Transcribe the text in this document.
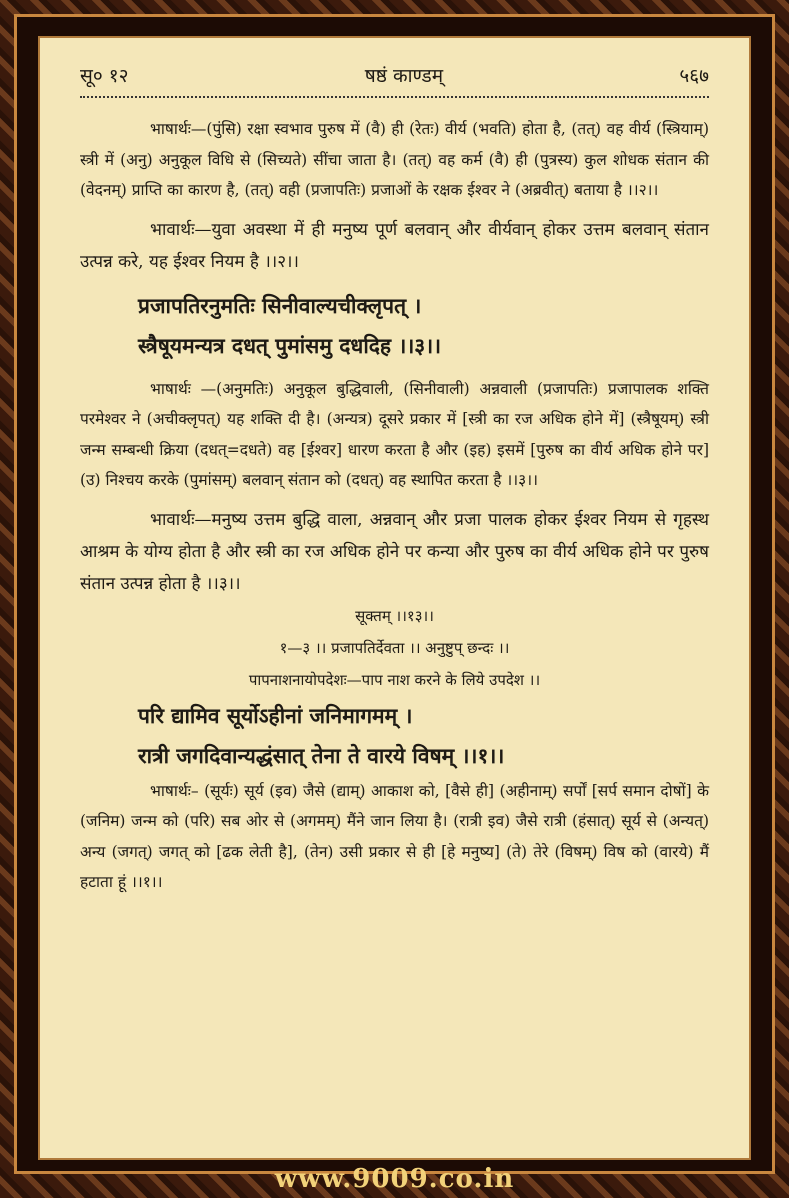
सू० १२	षष्ठं काण्डम्	५६७

भाषार्थः—(पुंसि) रक्षा स्वभाव पुरुष में (वै) ही (रेतः) वीर्य (भवति) होता है, (तत्) वह वीर्य (स्त्रियाम्) स्त्री में (अनु) अनुकूल विधि से (सिच्यते) सींचा जाता है। (तत्) वह कर्म (वै) ही (पुत्रस्य) कुल शोधक संतान की (वेदनम्) प्राप्ति का कारण है, (तत्) वही (प्रजापतिः) प्रजाओं के रक्षक ईश्वर ने (अब्रवीत्) बताया है ।।२।।

भावार्थः—युवा अवस्था में ही मनुष्य पूर्ण बलवान् और वीर्यवान् होकर उत्तम बलवान् संतान उत्पन्न करे, यह ईश्वर नियम है ।।२।।

प्रजापतिरनुमतिः सिनीवाल्यचीक्लृपत् ।

स्त्रैषूयमन्यत्र दधत् पुमांसमु दधदिह ।।३।।

भाषार्थः —(अनुमतिः) अनुकूल बुद्धिवाली, (सिनीवाली) अन्नवाली (प्रजापतिः) प्रजापालक शक्ति परमेश्वर ने (अचीक्लृपत्) यह शक्ति दी है। (अन्यत्र) दूसरे प्रकार में [स्त्री का रज अधिक होने में] (स्त्रैषूयम्) स्त्री जन्म सम्बन्धी क्रिया (दधत्=दधते) वह [ईश्वर] धारण करता है और (इह) इसमें [पुरुष का वीर्य अधिक होने पर] (उ) निश्चय करके (पुमांसम्) बलवान् संतान को (दधत्) वह स्थापित करता है ।।३।।

भावार्थः—मनुष्य उत्तम बुद्धि वाला, अन्नवान् और प्रजा पालक होकर ईश्वर नियम से गृहस्थ आश्रम के योग्य होता है और स्त्री का रज अधिक होने पर कन्या और पुरुष का वीर्य अधिक होने पर पुरुष संतान उत्पन्न होता है ।।३।।

सूक्तम् ।।१३।।

१—३ ।। प्रजापतिर्देवता ।। अनुष्टुप् छन्दः ।।

पापनाशनायोपदेशः—पाप नाश करने के लिये उपदेश ।।

परि द्यामिव सूर्योऽहीनां जनिमागमम् ।

रात्री जगदिवान्यद्धंसात् तेना ते वारये विषम् ।।१।।

भाषार्थः– (सूर्यः) सूर्य (इव) जैसे (द्याम्) आकाश को, [वैसे ही] (अहीनाम्) सर्पों [सर्प समान दोषों] के (जनिम) जन्म को (परि) सब ओर से (अगमम्) मैंने जान लिया है। (रात्री इव) जैसे रात्री (हंसात्) सूर्य से (अन्यत्) अन्य (जगत्) जगत् को [ढक लेती है], (तेन) उसी प्रकार से ही [हे मनुष्य] (ते) तेरे (विषम्) विष को (वारये) मैं हटाता हूं ।।१।।

www.9009.co.in
